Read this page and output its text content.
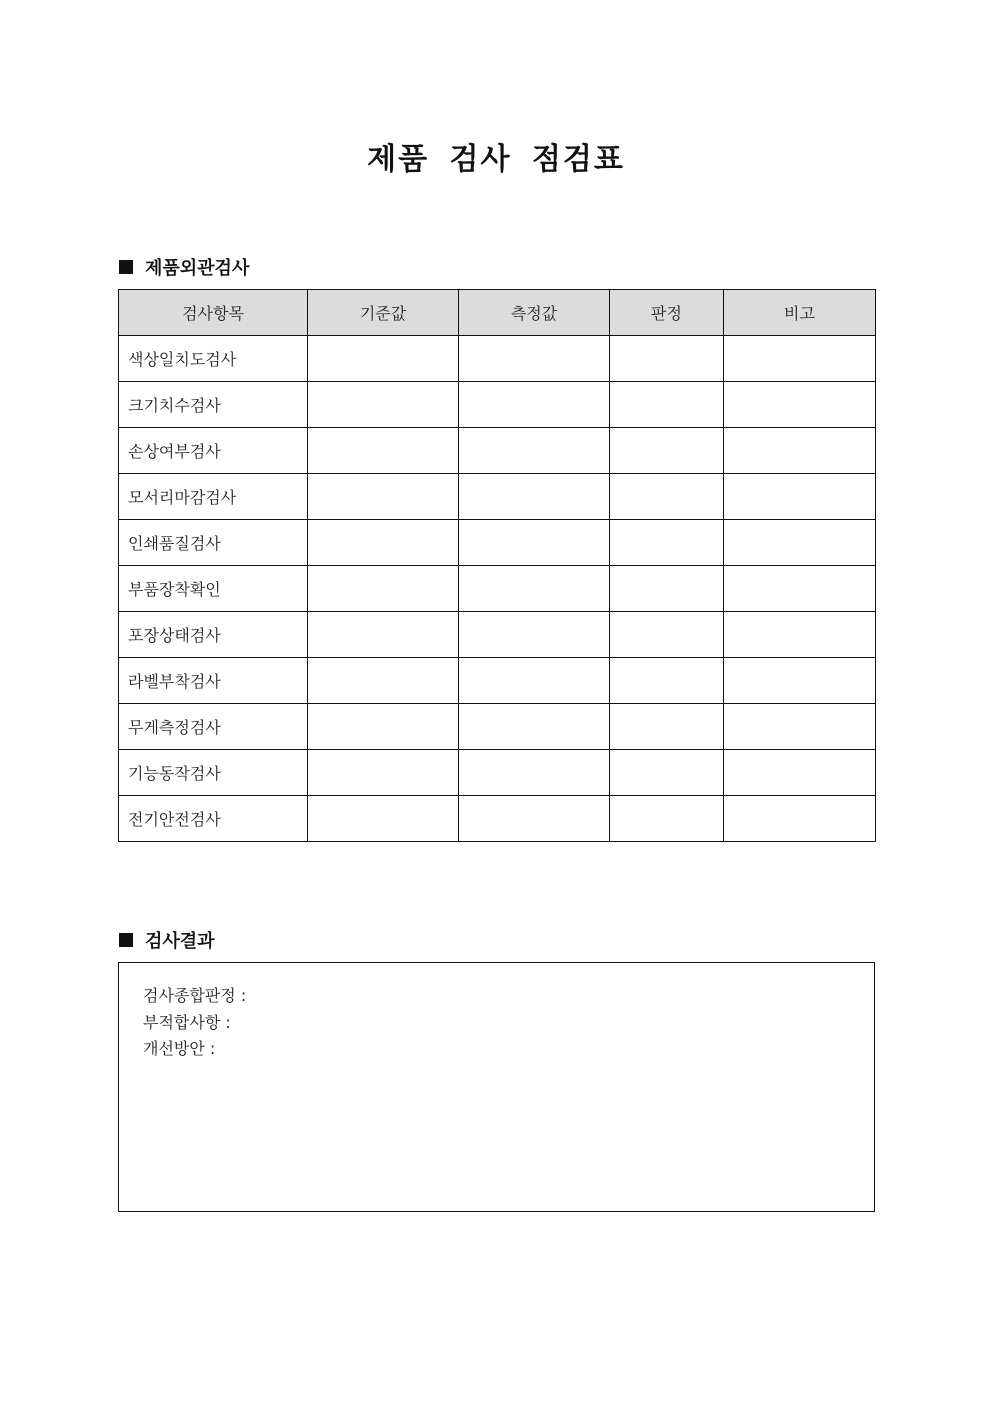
제품 검사 점검표
제품외관검사
검사항목	기준값	측정값	판정	비고
색상일치도검사				
크기치수검사				
손상여부검사				
모서리마감검사				
인쇄품질검사				
부품장착확인				
포장상태검사				
라벨부착검사				
무게측정검사				
기능동작검사				
전기안전검사				
검사결과
검사종합판정 :
부적합사항 :
개선방안 :
